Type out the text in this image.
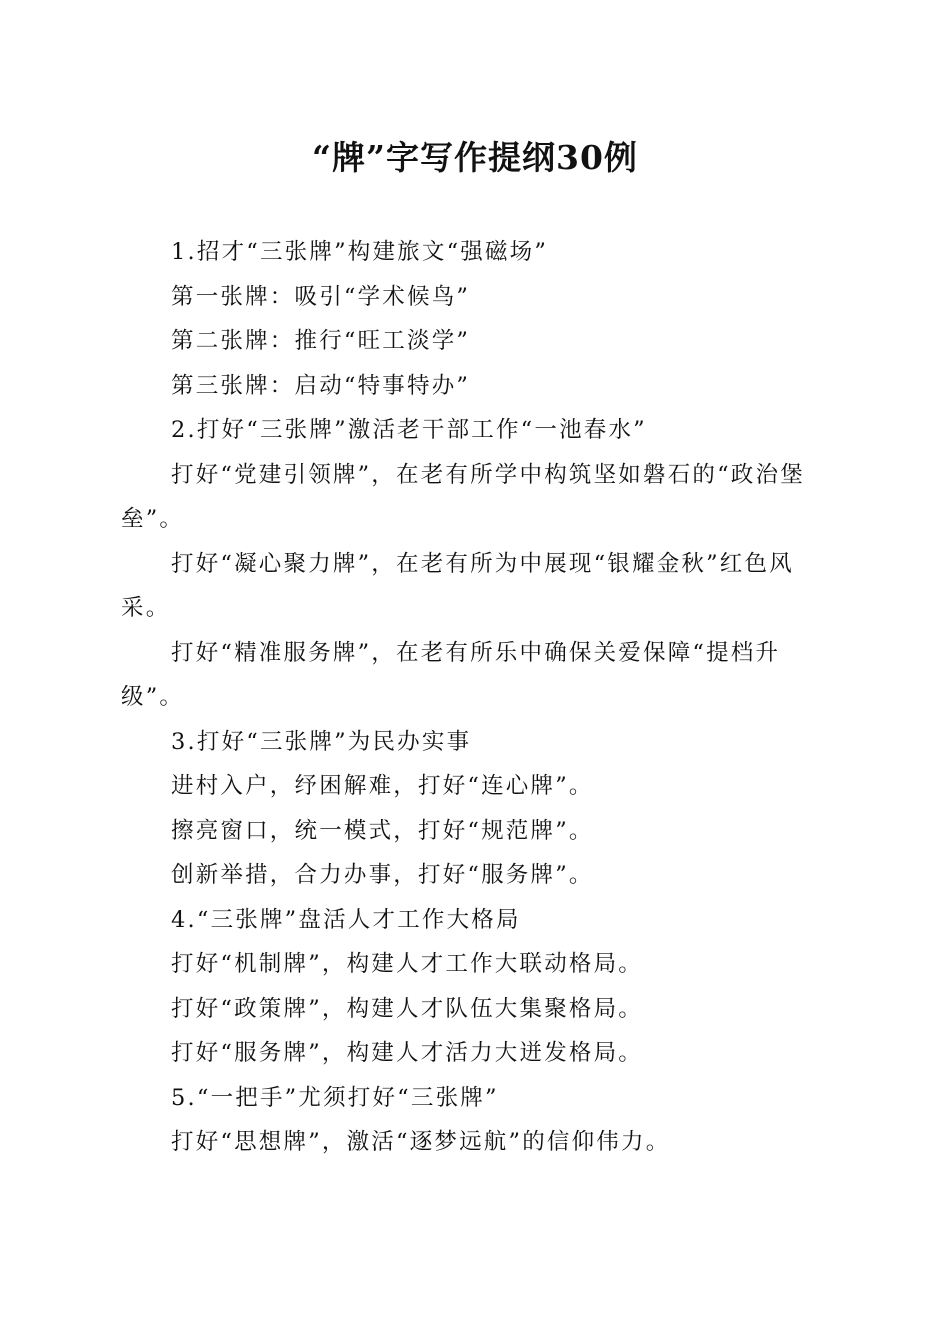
“牌”字写作提纲30例

1.招才“三张牌”构建旅文“强磁场”

第一张牌：吸引“学术候鸟”

第二张牌：推行“旺工淡学”

第三张牌：启动“特事特办”

2.打好“三张牌”激活老干部工作“一池春水”

打好“党建引领牌”，在老有所学中构筑坚如磐石的“政治堡垒”。

打好“凝心聚力牌”，在老有所为中展现“银耀金秋”红色风采。

打好“精准服务牌”，在老有所乐中确保关爱保障“提档升级”。

3.打好“三张牌”为民办实事

进村入户，纾困解难，打好“连心牌”。

擦亮窗口，统一模式，打好“规范牌”。

创新举措，合力办事，打好“服务牌”。

4.“三张牌”盘活人才工作大格局

打好“机制牌”，构建人才工作大联动格局。

打好“政策牌”，构建人才队伍大集聚格局。

打好“服务牌”，构建人才活力大迸发格局。

5.“一把手”尤须打好“三张牌”

打好“思想牌”，激活“逐梦远航”的信仰伟力。
